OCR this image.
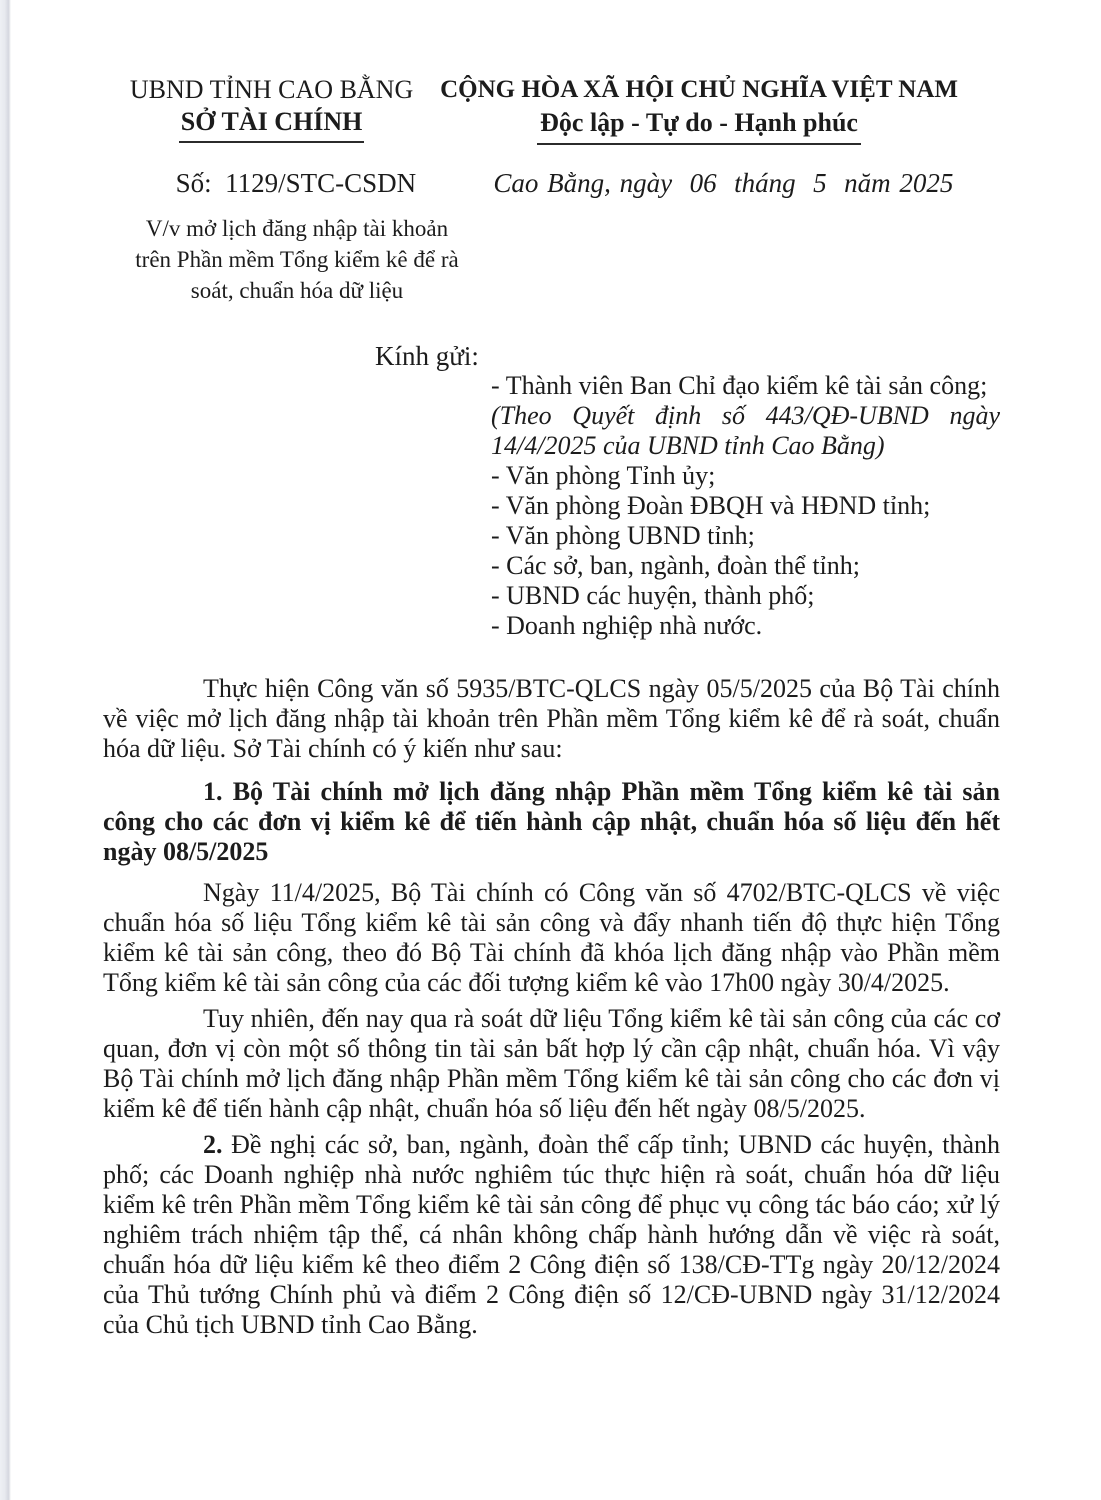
UBND TỈNH CAO BẰNG
SỞ TÀI CHÍNH
CỘNG HÒA XÃ HỘI CHỦ NGHĨA VIỆT NAM
Độc lập - Tự do - Hạnh phúc
Số:  1129/STC-CSDN	Cao Bằng, ngày  06  tháng  5  năm 2025
V/v mở lịch đăng nhập tài khoản trên Phần mềm Tổng kiểm kê để rà soát, chuẩn hóa dữ liệu
Kính gửi:
- Thành viên Ban Chỉ đạo kiểm kê tài sản công;
(Theo Quyết định số 443/QĐ-UBND ngày 14/4/2025 của UBND tỉnh Cao Bằng)
- Văn phòng Tỉnh ủy;
- Văn phòng Đoàn ĐBQH và HĐND tỉnh;
- Văn phòng UBND tỉnh;
- Các sở, ban, ngành, đoàn thể tỉnh;
- UBND các huyện, thành phố;
- Doanh nghiệp nhà nước.

Thực hiện Công văn số 5935/BTC-QLCS ngày 05/5/2025 của Bộ Tài chính về việc mở lịch đăng nhập tài khoản trên Phần mềm Tổng kiểm kê để rà soát, chuẩn hóa dữ liệu. Sở Tài chính có ý kiến như sau:

1. Bộ Tài chính mở lịch đăng nhập Phần mềm Tổng kiểm kê tài sản công cho các đơn vị kiểm kê để tiến hành cập nhật, chuẩn hóa số liệu đến hết ngày 08/5/2025

Ngày 11/4/2025, Bộ Tài chính có Công văn số 4702/BTC-QLCS về việc chuẩn hóa số liệu Tổng kiểm kê tài sản công và đẩy nhanh tiến độ thực hiện Tổng kiểm kê tài sản công, theo đó Bộ Tài chính đã khóa lịch đăng nhập vào Phần mềm Tổng kiểm kê tài sản công của các đối tượng kiểm kê vào 17h00 ngày 30/4/2025.

Tuy nhiên, đến nay qua rà soát dữ liệu Tổng kiểm kê tài sản công của các cơ quan, đơn vị còn một số thông tin tài sản bất hợp lý cần cập nhật, chuẩn hóa. Vì vậy Bộ Tài chính mở lịch đăng nhập Phần mềm Tổng kiểm kê tài sản công cho các đơn vị kiểm kê để tiến hành cập nhật, chuẩn hóa số liệu đến hết ngày 08/5/2025.

2. Đề nghị các sở, ban, ngành, đoàn thể cấp tỉnh; UBND các huyện, thành phố; các Doanh nghiệp nhà nước nghiêm túc thực hiện rà soát, chuẩn hóa dữ liệu kiểm kê trên Phần mềm Tổng kiểm kê tài sản công để phục vụ công tác báo cáo; xử lý nghiêm trách nhiệm tập thể, cá nhân không chấp hành hướng dẫn về việc rà soát, chuẩn hóa dữ liệu kiểm kê theo điểm 2 Công điện số 138/CĐ-TTg ngày 20/12/2024 của Thủ tướng Chính phủ và điểm 2 Công điện số 12/CĐ-UBND ngày 31/12/2024 của Chủ tịch UBND tỉnh Cao Bằng.
